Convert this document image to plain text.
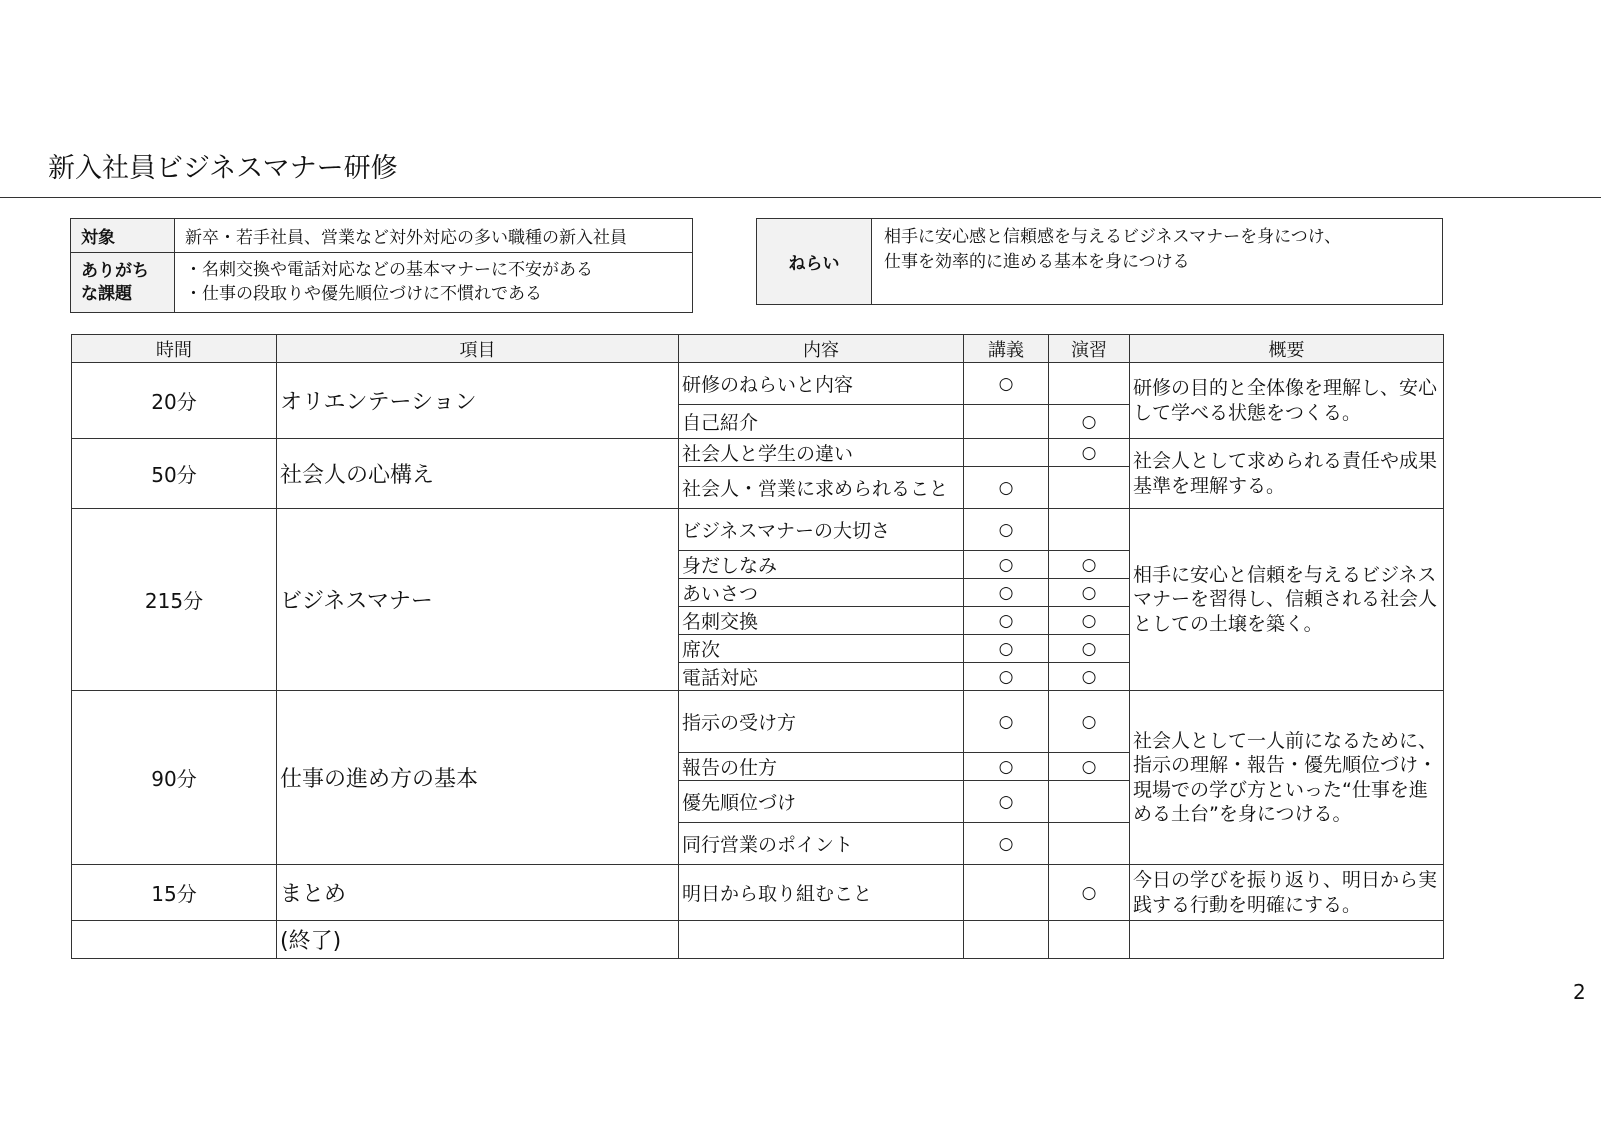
新入社員ビジネスマナー研修
対象	新卒・若手社員、営業など対外対応の多い職種の新入社員

ありがち
な課題	・名刺交換や電話対応などの基本マナーに不安がある
・仕事の段取りや優先順位づけに不慣れである
ねらい	
相手に安心感と信頼感を与えるビジネスマナーを身につけ、
仕事を効率的に進める基本を身につける
時間	項目	内容	講義	演習	概要
20分	オリエンテーション	研修のねらいと内容	○		研修の目的と全体像を理解し、安心して学べる状態をつくる。
		自己紹介		○	
50分	社会人の心構え	社会人と学生の違い		○	社会人として求められる責任や成果基準を理解する。
		社会人・営業に求められること	○		
215分	ビジネスマナー	ビジネスマナーの大切さ	○		相手に安心と信頼を与えるビジネスマナーを習得し、信頼される社会人としての土壌を築く。
		身だしなみ	○	○	
		あいさつ	○	○	
		名刺交換	○	○	
		席次	○	○	
		電話対応	○	○	
90分	仕事の進め方の基本	指示の受け方	○	○	社会人として一人前になるために、指示の理解・報告・優先順位づけ・現場での学び方といった“仕事を進める土台”を身につける。
		報告の仕方	○	○	
		優先順位づけ	○		
		同行営業のポイント	○		
15分	まとめ	明日から取り組むこと		○	今日の学びを振り返り、明日から実践する行動を明確にする。
	(終了)				
2
